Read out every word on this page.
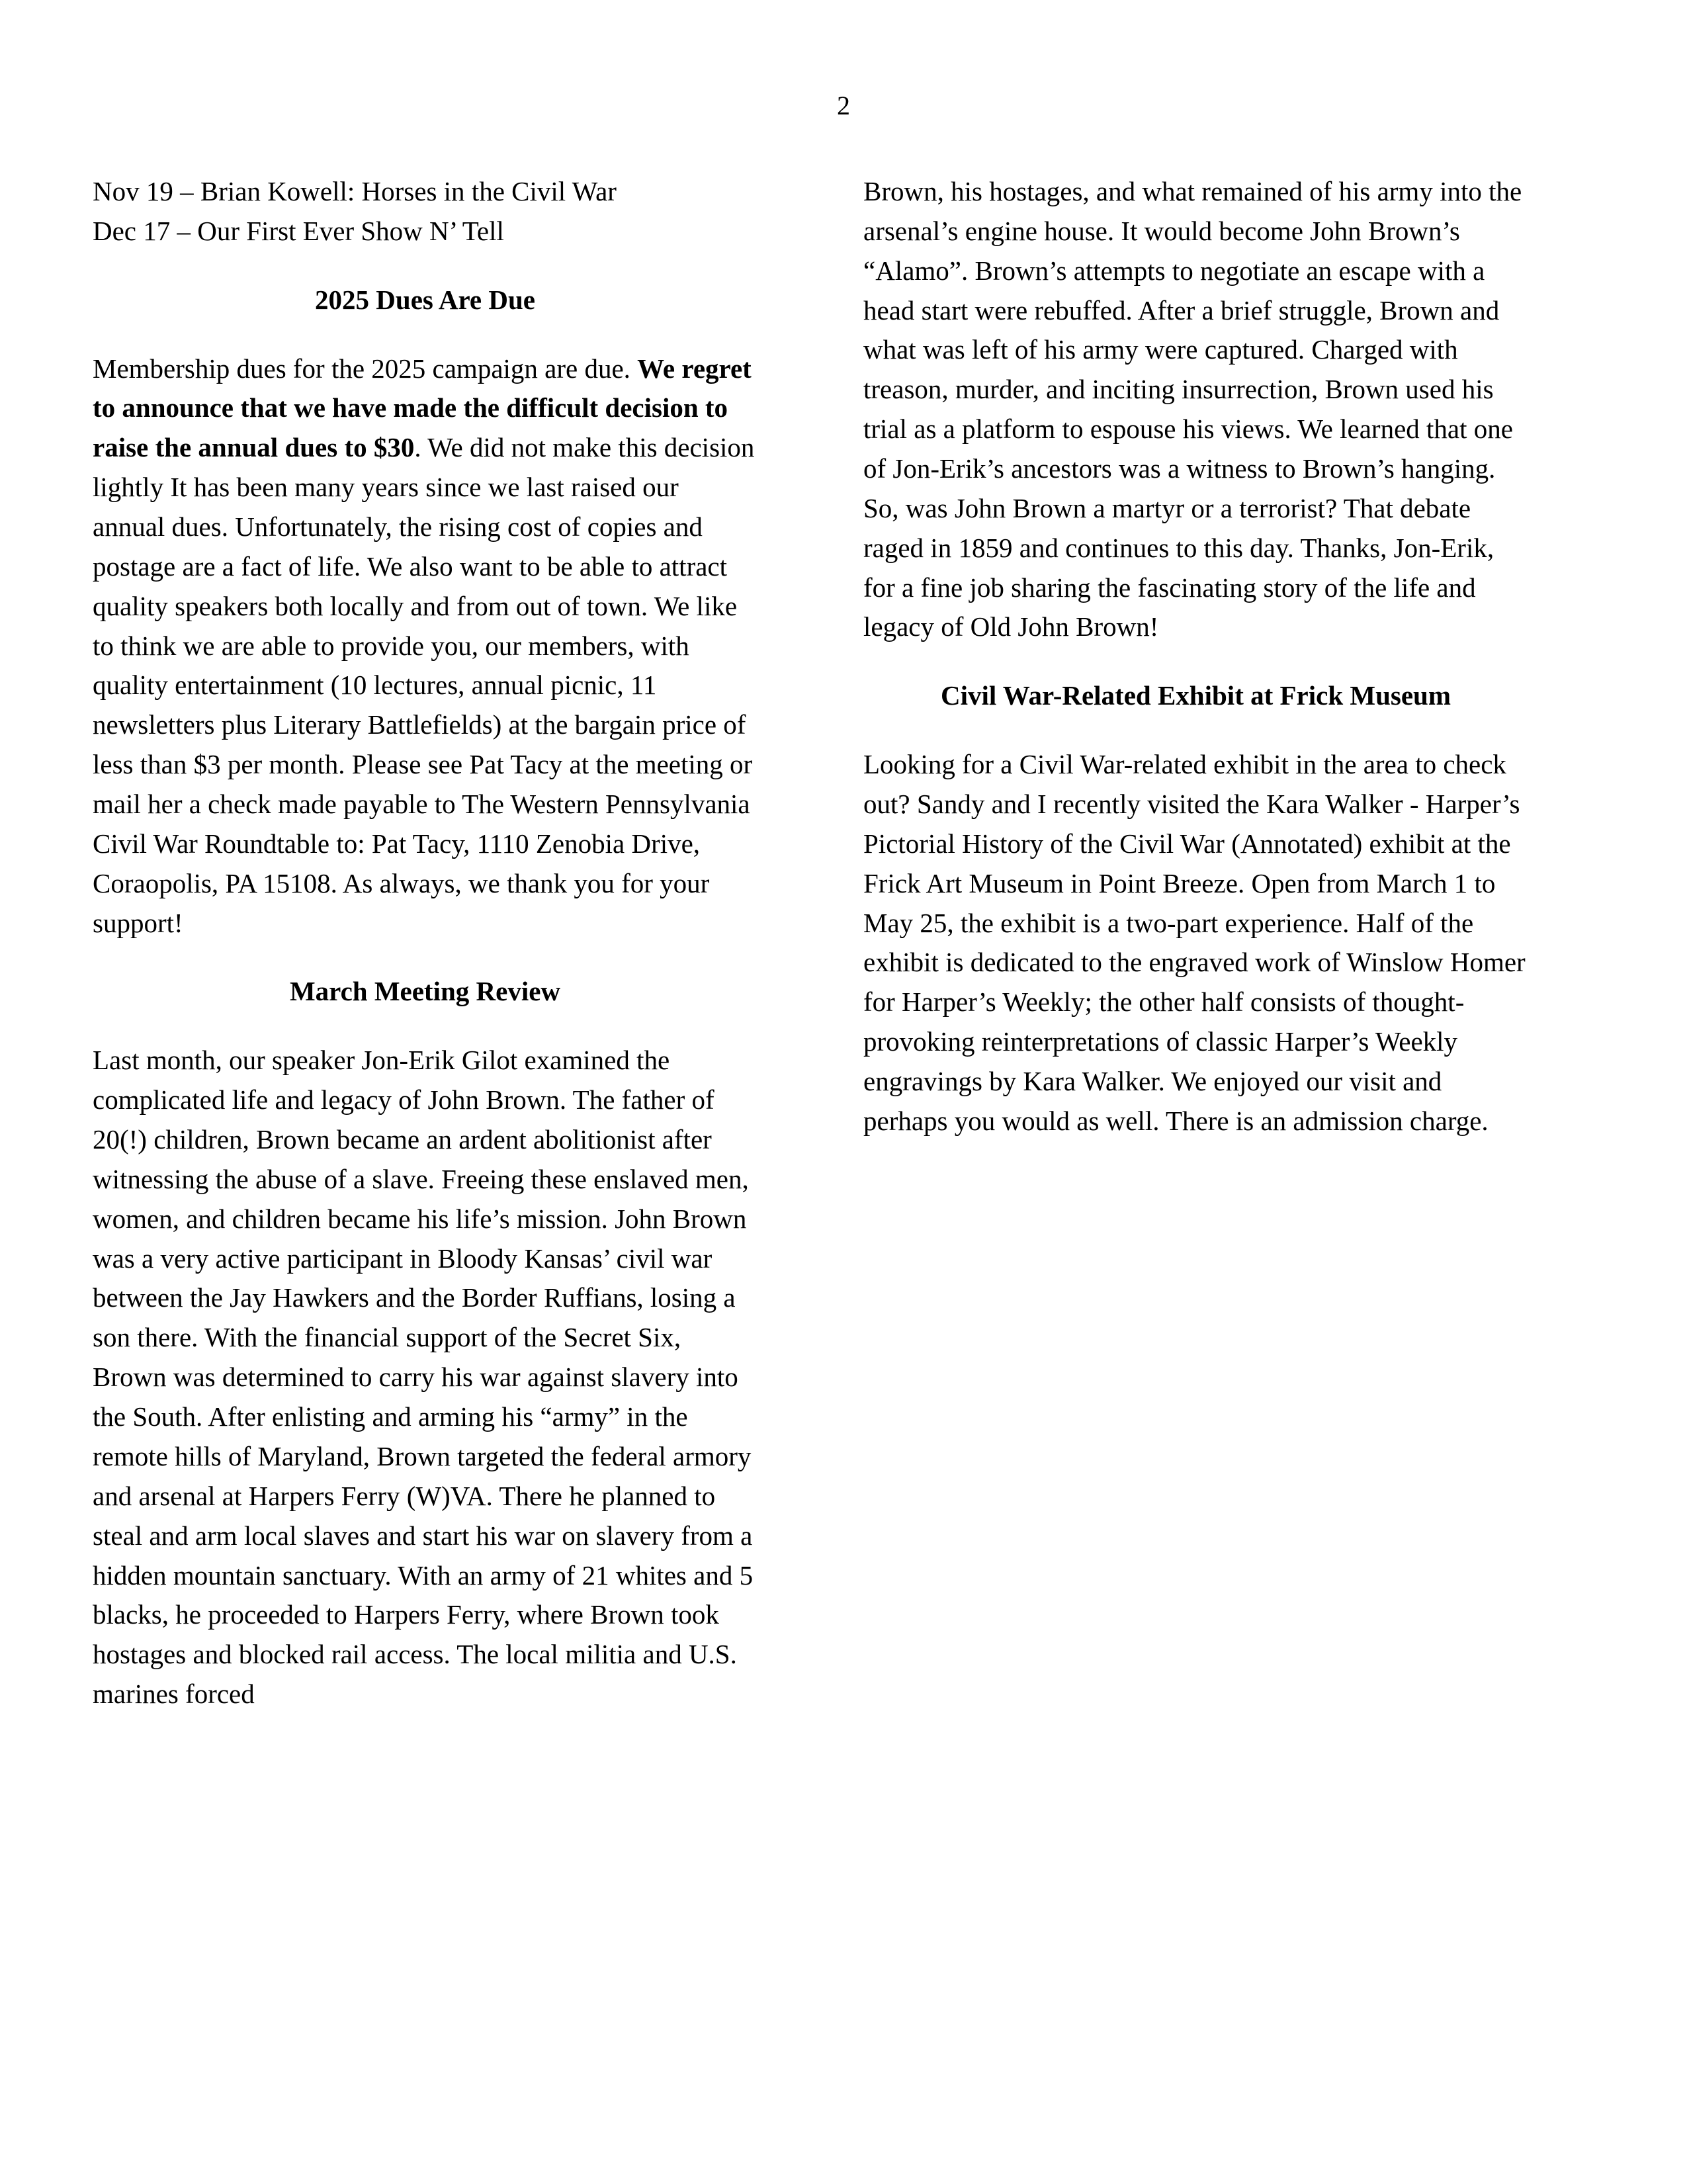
2

Nov 19 – Brian Kowell: Horses in the Civil War

Dec 17 – Our First Ever Show N’ Tell

2025 Dues Are Due

Membership dues for the 2025 campaign are due. We regret to announce that we have made the difficult decision to raise the annual dues to $30. We did not make this decision lightly It has been many years since we last raised our annual dues. Unfortunately, the rising cost of copies and postage are a fact of life. We also want to be able to attract quality speakers both locally and from out of town. We like to think we are able to provide you, our members, with quality entertainment (10 lectures, annual picnic, 11 newsletters plus Literary Battlefields) at the bargain price of less than $3 per month. Please see Pat Tacy at the meeting or mail her a check made payable to The Western Pennsylvania Civil War Roundtable to: Pat Tacy, 1110 Zenobia Drive, Coraopolis, PA 15108. As always, we thank you for your support!

March Meeting Review

Last month, our speaker Jon-Erik Gilot examined the complicated life and legacy of John Brown. The father of 20(!) children, Brown became an ardent abolitionist after witnessing the abuse of a slave. Freeing these enslaved men, women, and children became his life’s mission. John Brown was a very active participant in Bloody Kansas’ civil war between the Jay Hawkers and the Border Ruffians, losing a son there. With the financial support of the Secret Six, Brown was determined to carry his war against slavery into the South. After enlisting and arming his “army” in the remote hills of Maryland, Brown targeted the federal armory and arsenal at Harpers Ferry (W)VA. There he planned to steal and arm local slaves and start his war on slavery from a hidden mountain sanctuary. With an army of 21 whites and 5 blacks, he proceeded to Harpers Ferry, where Brown took hostages and blocked rail access. The local militia and U.S. marines forced

Brown, his hostages, and what remained of his army into the arsenal’s engine house. It would become John Brown’s “Alamo”. Brown’s attempts to negotiate an escape with a head start were rebuffed. After a brief struggle, Brown and what was left of his army were captured. Charged with treason, murder, and inciting insurrection, Brown used his trial as a platform to espouse his views. We learned that one of Jon-Erik’s ancestors was a witness to Brown’s hanging. So, was John Brown a martyr or a terrorist? That debate raged in 1859 and continues to this day. Thanks, Jon-Erik, for a fine job sharing the fascinating story of the life and legacy of Old John Brown!

Civil War-Related Exhibit at Frick Museum

Looking for a Civil War-related exhibit in the area to check out? Sandy and I recently visited the Kara Walker - Harper’s Pictorial History of the Civil War (Annotated) exhibit at the Frick Art Museum in Point Breeze. Open from March 1 to May 25, the exhibit is a two-part experience. Half of the exhibit is dedicated to the engraved work of Winslow Homer for Harper’s Weekly; the other half consists of thought-provoking reinterpretations of classic Harper’s Weekly engravings by Kara Walker. We enjoyed our visit and perhaps you would as well. There is an admission charge.
